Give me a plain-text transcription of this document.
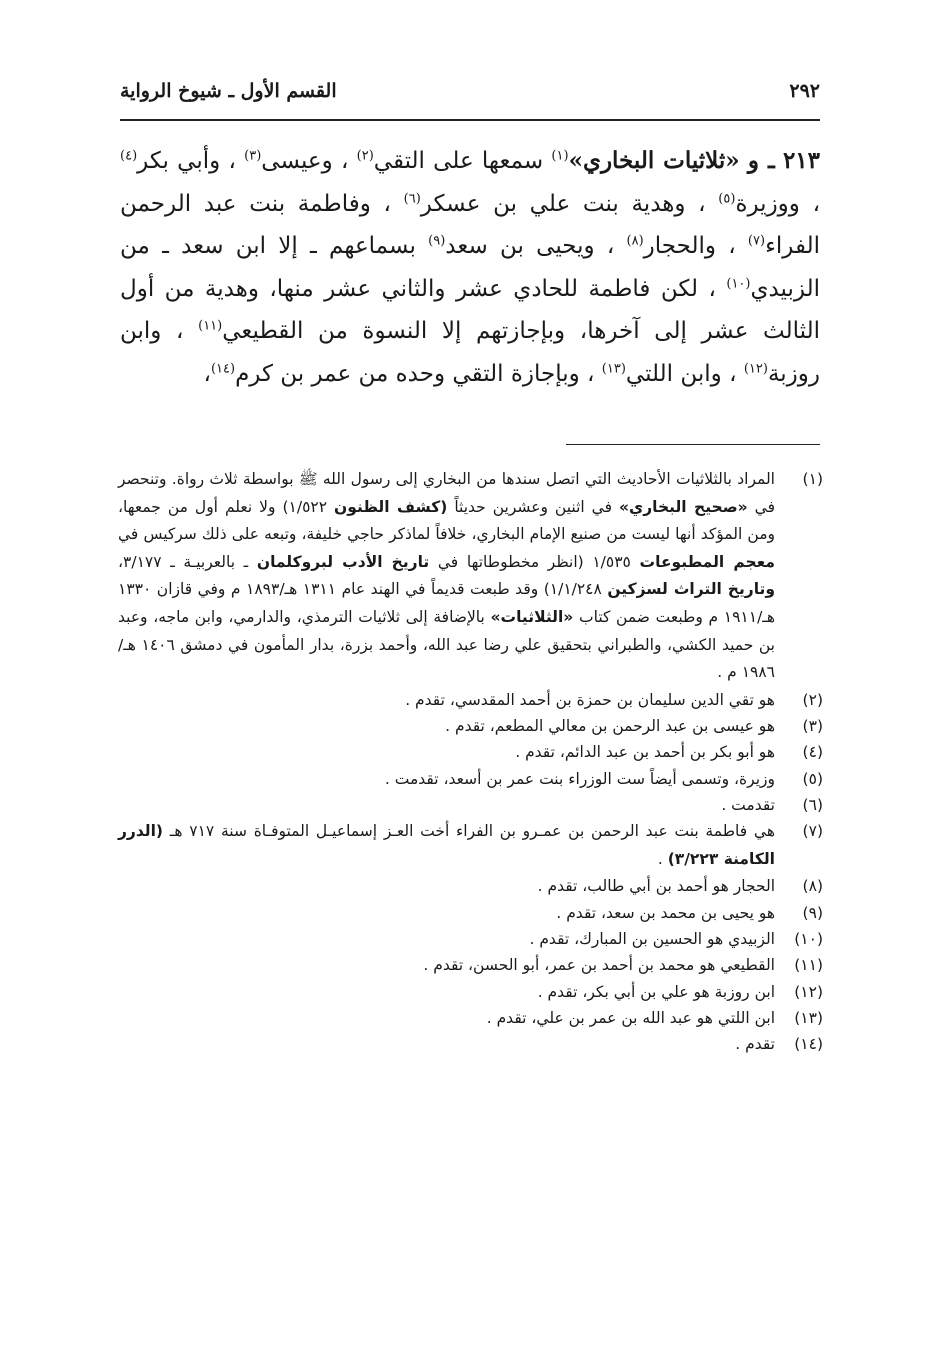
٢٩٢
القسم الأول ـ شيوخ الرواية
٢١٣ ـ و «ثلاثيات البخاري»$^{(١)}$ سمعها على التقي$^{(٢)}$ ، وعيسى$^{(٣)}$ ، وأبي بكر$^{(٤)}$ ، ووزيرة$^{(٥)}$ ، وهدية بنت علي بن عسكر$^{(٦)}$ ، وفاطمة بنت عبد الرحمن الفراء$^{(٧)}$ ، والحجار$^{(٨)}$ ، ويحيى بن سعد$^{(٩)}$ بسماعهم ـ إلا ابن سعد ـ من الزبيدي$^{(١٠)}$ ، لكن فاطمة للحادي عشر والثاني عشر منها، وهدية من أول الثالث عشر إلى آخرها، وبإجازتهم إلا النسوة من القطيعي$^{(١١)}$ ، وابن روزبة$^{(١٢)}$ ، وابن اللتي$^{(١٣)}$ ، وبإجازة التقي وحده من عمر بن كرم$^{(١٤)}$،
(١)
المراد بالثلاثيات الأحاديث التي اتصل سندها من البخاري إلى رسول الله ﷺ بواسطة ثلاث رواة. وتنحصر في «صحيح البخاري» في اثنين وعشرين حديثاً (كشف الظنون ١/٥٢٢) ولا نعلم أول من جمعها، ومن المؤكد أنها ليست من صنيع الإمام البخاري، خلافاً لماذكر حاجي خليفة، وتبعه على ذلك سركيس في معجم المطبوعات ١/٥٣٥ (انظر مخطوطاتها في تاريخ الأدب لبروكلمان ـ بالعربيـة ـ ٣/١٧٧، وتاريخ التراث لسزكين ١/١/٢٤٨) وقد طبعت قديماً في الهند عام ١٣١١ هـ/١٨٩٣ م وفي قازان ١٣٣٠ هـ/١٩١١ م وطبعت ضمن كتاب «الثلاثيات» بالإضافة إلى ثلاثيات الترمذي، والدارمي، وابن ماجه، وعبد بن حميد الكشي، والطبراني بتحقيق علي رضا عبد الله، وأحمد بزرة، بدار المأمون في دمشق ١٤٠٦ هـ/١٩٨٦ م .
(٢)
هو تقي الدين سليمان بن حمزة بن أحمد المقدسي، تقدم .
(٣)
هو عيسى بن عبد الرحمن بن معالي المطعم، تقدم .
(٤)
هو أبو بكر بن أحمد بن عبد الدائم، تقدم .
(٥)
وزيرة، وتسمى أيضاً ست الوزراء بنت عمر بن أسعد، تقدمت .
(٦)
تقدمت .
(٧)
هي فاطمة بنت عبد الرحمن بن عمـرو بن الفراء أخت العـز إسماعيـل المتوفـاة سنة ٧١٧ هـ (الدرر الكامنة ٣/٢٢٣) .
(٨)
الحجار هو أحمد بن أبي طالب، تقدم .
(٩)
هو يحيى بن محمد بن سعد، تقدم .
(١٠)
الزبيدي هو الحسين بن المبارك، تقدم .
(١١)
القطيعي هو محمد بن أحمد بن عمر، أبو الحسن، تقدم .
(١٢)
ابن روزبة هو علي بن أبي بكر، تقدم .
(١٣)
ابن اللتي هو عبد الله بن عمر بن علي، تقدم .
(١٤)
تقدم .
